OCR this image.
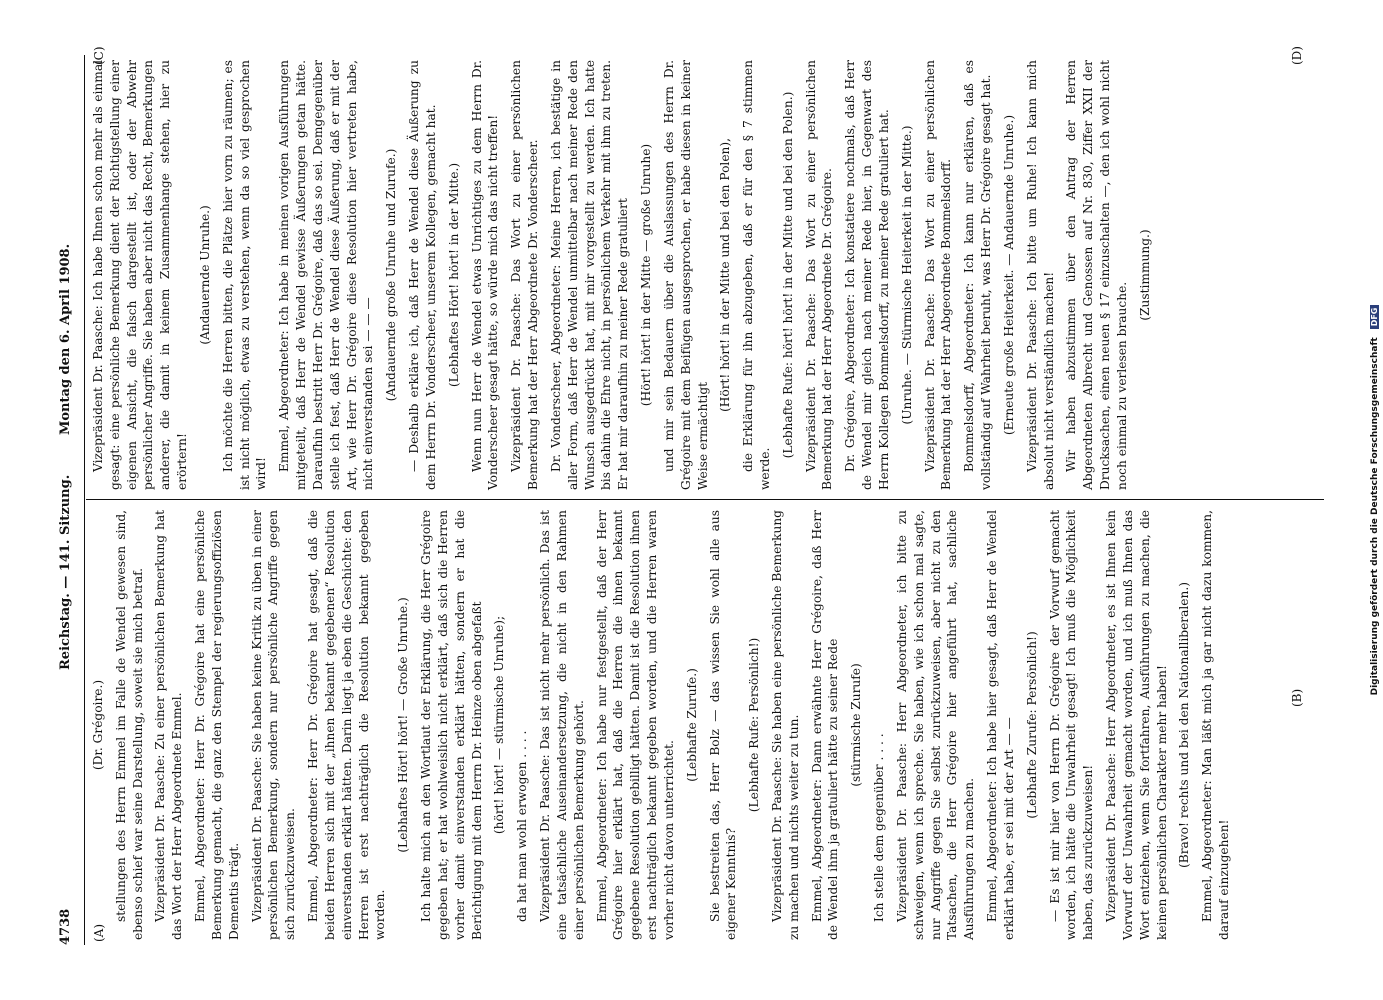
4738
Reichstag. — 141. Sitzung.
Montag den 6. April 1908.
(A)
(B)
(C)	(D)

(Dr. Grégoire.) stellungen des Herrn Emmel im Falle de Wendel gewesen sind, ebenso schief war seine Darstellung, soweit sie mich betraf. Vizepräsident Dr. Paasche: Zu einer persönlichen Bemerkung hat das Wort der Herr Abgeordnete Emmel. Emmel, Abgeordneter: Herr Dr. Grégoire hat eine persönliche Bemerkung gemacht, die ganz den Stempel der regierungsoffiziösen Dementis trägt. Vizepräsident Dr. Paasche: Sie haben keine Kritik zu üben in einer persönlichen Bemerkung, sondern nur persönliche Angriffe gegen sich zurückzuweisen. Emmel, Abgeordneter: Herr Dr. Grégoire hat gesagt, daß die beiden Herren sich mit der „ihnen bekannt gegebenen“ Resolution einverstanden erklärt hätten. Darin liegt ja eben die Geschichte: den Herren ist erst nachträglich die Resolution bekannt gegeben worden.

(Lebhaftes Hört! hört! — Große Unruhe.) Ich halte mich an den Wortlaut der Erklärung, die Herr Grégoire gegeben hat; er hat wohlweislich nicht erklärt, daß sich die Herren vorher damit einverstanden erklärt hätten, sondern er hat die Berichtigung mit dem Herrn Dr. Heinze oben abgefaßt (hört! hört! — stürmische Unruhe); da hat man wohl erwogen . . . . Vizepräsident Dr. Paasche: Das ist nicht mehr persönlich. Das ist eine tatsächliche Auseinandersetzung, die nicht in den Rahmen einer persönlichen Bemerkung gehört. Emmel, Abgeordneter: Ich habe nur festgestellt, daß der Herr Grégoire hier erklärt hat, daß die Herren die ihnen bekannt gegebene Resolution gebilligt hätten. Damit ist die Resolution ihnen erst nachträglich bekannt gegeben worden, und die Herren waren vorher nicht davon unterrichtet.

(Lebhafte Zurufe.) Sie bestreiten das, Herr Bolz — das wissen Sie wohl alle aus eigener Kenntnis?

(Lebhafte Rufe: Persönlich!) Vizepräsident Dr. Paasche: Sie haben eine persönliche Bemerkung zu machen und nichts weiter zu tun. Emmel, Abgeordneter: Dann erwähnte Herr Grégoire, daß Herr de Wendel ihm ja gratuliert hätte zu seiner Rede (stürmische Zurufe)

Ich stelle dem gegenüber . . . . Vizepräsident Dr. Paasche: Herr Abgeordneter, ich bitte zu schweigen, wenn ich spreche. Sie haben, wie ich schon mal sagte, nur Angriffe gegen Sie selbst zurückzuweisen, aber nicht zu den Tatsachen, die Herr Grégoire hier angeführt hat, sachliche Ausführungen zu machen. Emmel, Abgeordneter: Ich habe hier gesagt, daß Herr de Wendel erklärt habe, er sei mit der Art — — (Lebhafte Zurufe: Persönlich!) — Es ist mir hier von Herrn Dr. Grégoire der Vorwurf gemacht worden, ich hätte die Unwahrheit gesagt! Ich muß die Möglichkeit haben, das zurückzuweisen! Vizepräsident Dr. Paasche: Herr Abgeordneter, es ist Ihnen kein Vorwurf der Unwahrheit gemacht worden, und ich muß Ihnen das Wort entziehen, wenn Sie fortfahren, Ausführungen zu machen, die keinen persönlichen Charakter mehr haben! (Bravo! rechts und bei den Nationalliberalen.) Emmel, Abgeordneter: Man läßt mich ja gar nicht dazu kommen, darauf einzugehen!

Vizepräsident Dr. Paasche: Ich habe Ihnen schon mehr als einmal gesagt: eine persönliche Bemerkung dient der Richtigstellung einer eigenen Ansicht, die falsch dargestellt ist, oder der Abwehr persönlicher Angriffe. Sie haben aber nicht das Recht, Bemerkungen anderer, die damit in keinem Zusammenhange stehen, hier zu erörtern!

(Andauernde Unruhe.) Ich möchte die Herren bitten, die Plätze hier vorn zu räumen; es ist nicht möglich, etwas zu verstehen, wenn da so viel gesprochen wird!

Emmel, Abgeordneter: Ich habe in meinen vorigen Ausführungen mitgeteilt, daß Herr de Wendel gewisse Äußerungen getan hätte. Daraufhin bestritt Herr Dr. Grégoire, daß das so sei. Demgegenüber stelle ich fest, daß Herr de Wendel diese Äußerung, daß er mit der Art, wie Herr Dr. Grégoire diese Resolution hier vertreten habe, nicht einverstanden sei — — — (Andauernde große Unruhe und Zurufe.) — Deshalb erkläre ich, daß Herr de Wendel diese Äußerung zu dem Herrn Dr. Vonderscheer, unserem Kollegen, gemacht hat. (Lebhaftes Hört! hört! in der Mitte.) Wenn nun Herr de Wendel etwas Unrichtiges zu dem Herrn Dr. Vonderscheer gesagt hätte, so würde mich das nicht treffen! Vizepräsident Dr. Paasche: Das Wort zu einer persönlichen Bemerkung hat der Herr Abgeordnete Dr. Vonderscheer. Dr. Vonderscheer, Abgeordneter: Meine Herren, ich bestätige in aller Form, daß Herr de Wendel unmittelbar nach meiner Rede den Wunsch ausgedrückt hat, mit mir vorgestellt zu werden. Ich hatte bis dahin die Ehre nicht, in persönlichem Verkehr mit ihm zu treten. Er hat mir daraufhin zu meiner Rede gratuliert (Hört! hört! in der Mitte — große Unruhe) und mir sein Bedauern über die Auslassungen des Herrn Dr. Grégoire mit dem Beifügen ausgesprochen, er habe diesen in keiner Weise ermächtigt

(Hört! hört! in der Mitte und bei den Polen), die Erklärung für ihn abzugeben, daß er für den § 7 stimmen werde.

(Lebhafte Rufe: hört! hört! in der Mitte und bei den Polen.) Vizepräsident Dr. Paasche: Das Wort zu einer persönlichen Bemerkung hat der Herr Abgeordnete Dr. Grégoire. Dr. Grégoire, Abgeordneter: Ich konstatiere nochmals, daß Herr de Wendel mir gleich nach meiner Rede hier, in Gegenwart des Herrn Kollegen Bommelsdorff, zu meiner Rede gratuliert hat. (Unruhe. — Stürmische Heiterkeit in der Mitte.) Vizepräsident Dr. Paasche: Das Wort zu einer persönlichen Bemerkung hat der Herr Abgeordnete Bommelsdorff. Bommelsdorff, Abgeordneter: Ich kann nur erklären, daß es vollständig auf Wahrheit beruht, was Herr Dr. Grégoire gesagt hat. (Erneute große Heiterkeit. — Andauernde Unruhe.) Vizepräsident Dr. Paasche: Ich bitte um Ruhe! Ich kann mich absolut nicht verständlich machen! Wir haben abzustimmen über den Antrag der Herren Abgeordneten Albrecht und Genossen auf Nr. 830, Ziffer XXII der Drucksachen, einen neuen § 17 einzuschalten —, den ich wohl nicht noch einmal zu verlesen brauche.

(Zustimmung.)

Digitalisierung gefördert durch die Deutsche ForschungsgemeinschaftDFG
